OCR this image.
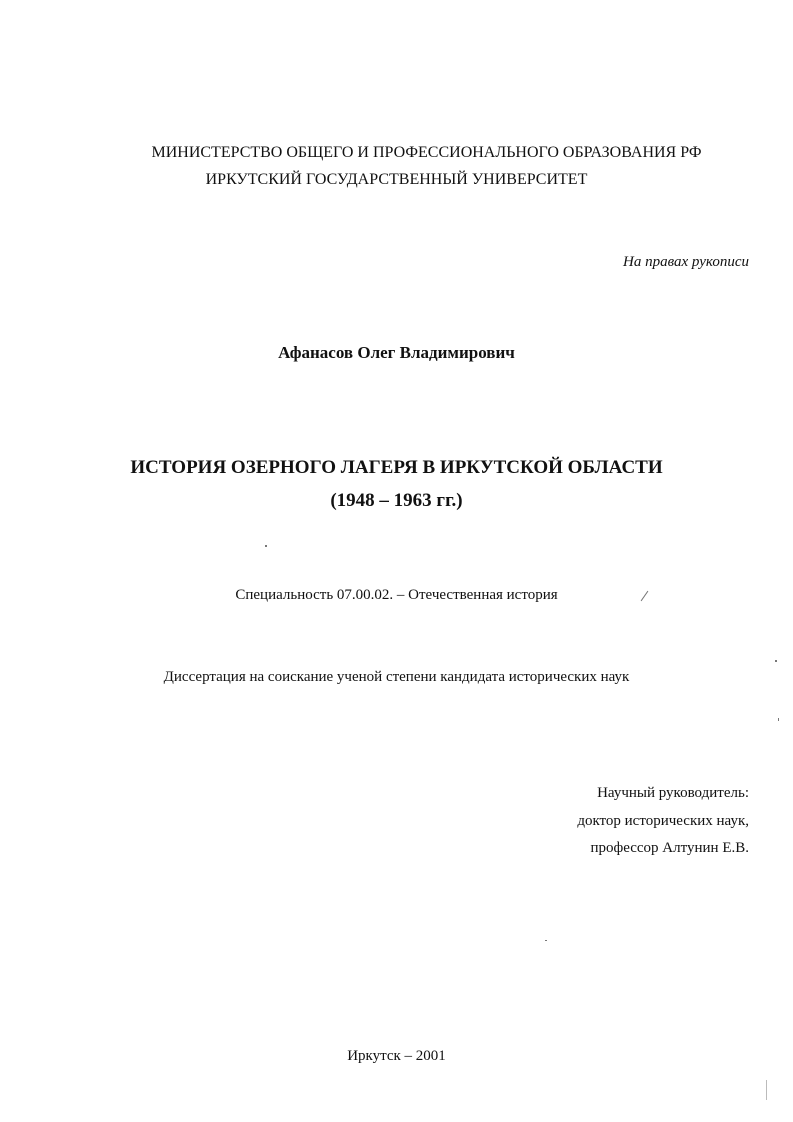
МИНИСТЕРСТВО ОБЩЕГО И ПРОФЕССИОНАЛЬНОГО ОБРАЗОВАНИЯ РФ
ИРКУТСКИЙ ГОСУДАРСТВЕННЫЙ УНИВЕРСИТЕТ
На правах рукописи
Афанасов Олег Владимирович
ИСТОРИЯ ОЗЕРНОГО ЛАГЕРЯ В ИРКУТСКОЙ ОБЛАСТИ
(1948 – 1963 гг.)
Специальность 07.00.02. – Отечественная история
Диссертация на соискание ученой степени кандидата исторических наук
Научный руководитель:
доктор исторических наук,
профессор Алтунин Е.В.
Иркутск – 2001
